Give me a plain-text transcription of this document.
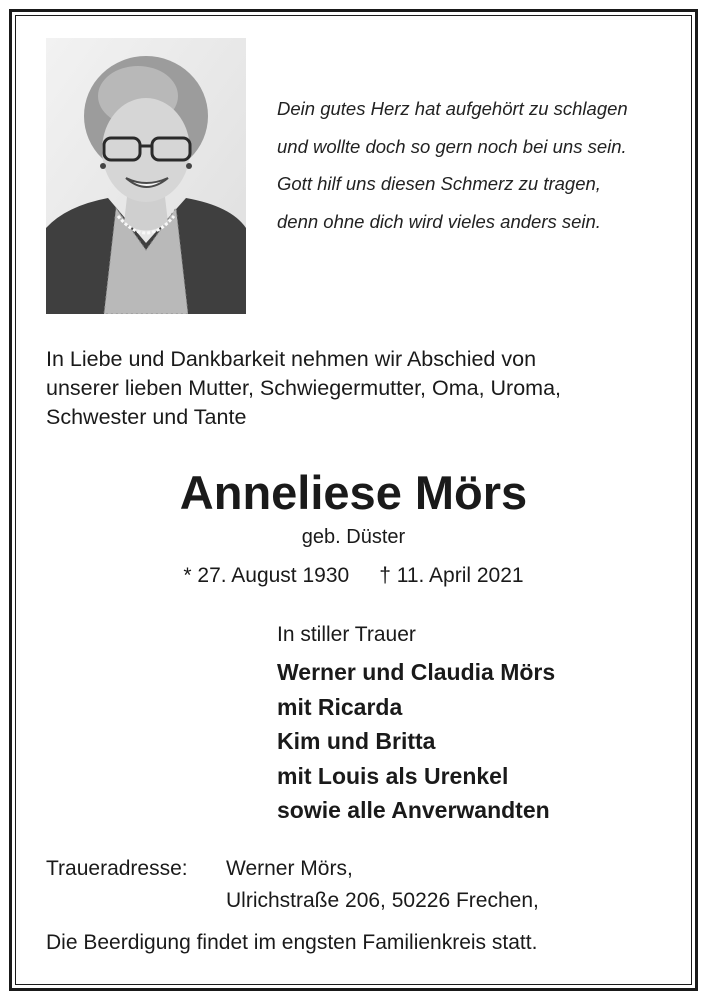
Dein gutes Herz hat aufgehört zu schlagen
und wollte doch so gern noch bei uns sein.
Gott hilf uns diesen Schmerz zu tragen,
denn ohne dich wird vieles anders sein.
In Liebe und Dankbarkeit nehmen wir Abschied von
unserer lieben Mutter, Schwiegermutter, Oma, Uroma,
Schwester und Tante
Anneliese Mörs
geb. Düster
* 27. August 1930 † 11. April 2021
In stiller Trauer
Werner und Claudia Mörs
mit Ricarda
Kim und Britta
mit Louis als Urenkel
sowie alle Anverwandten
Traueradresse:	Werner Mörs,
Ulrichstraße 206, 50226 Frechen,
Die Beerdigung findet im engsten Familienkreis statt.
